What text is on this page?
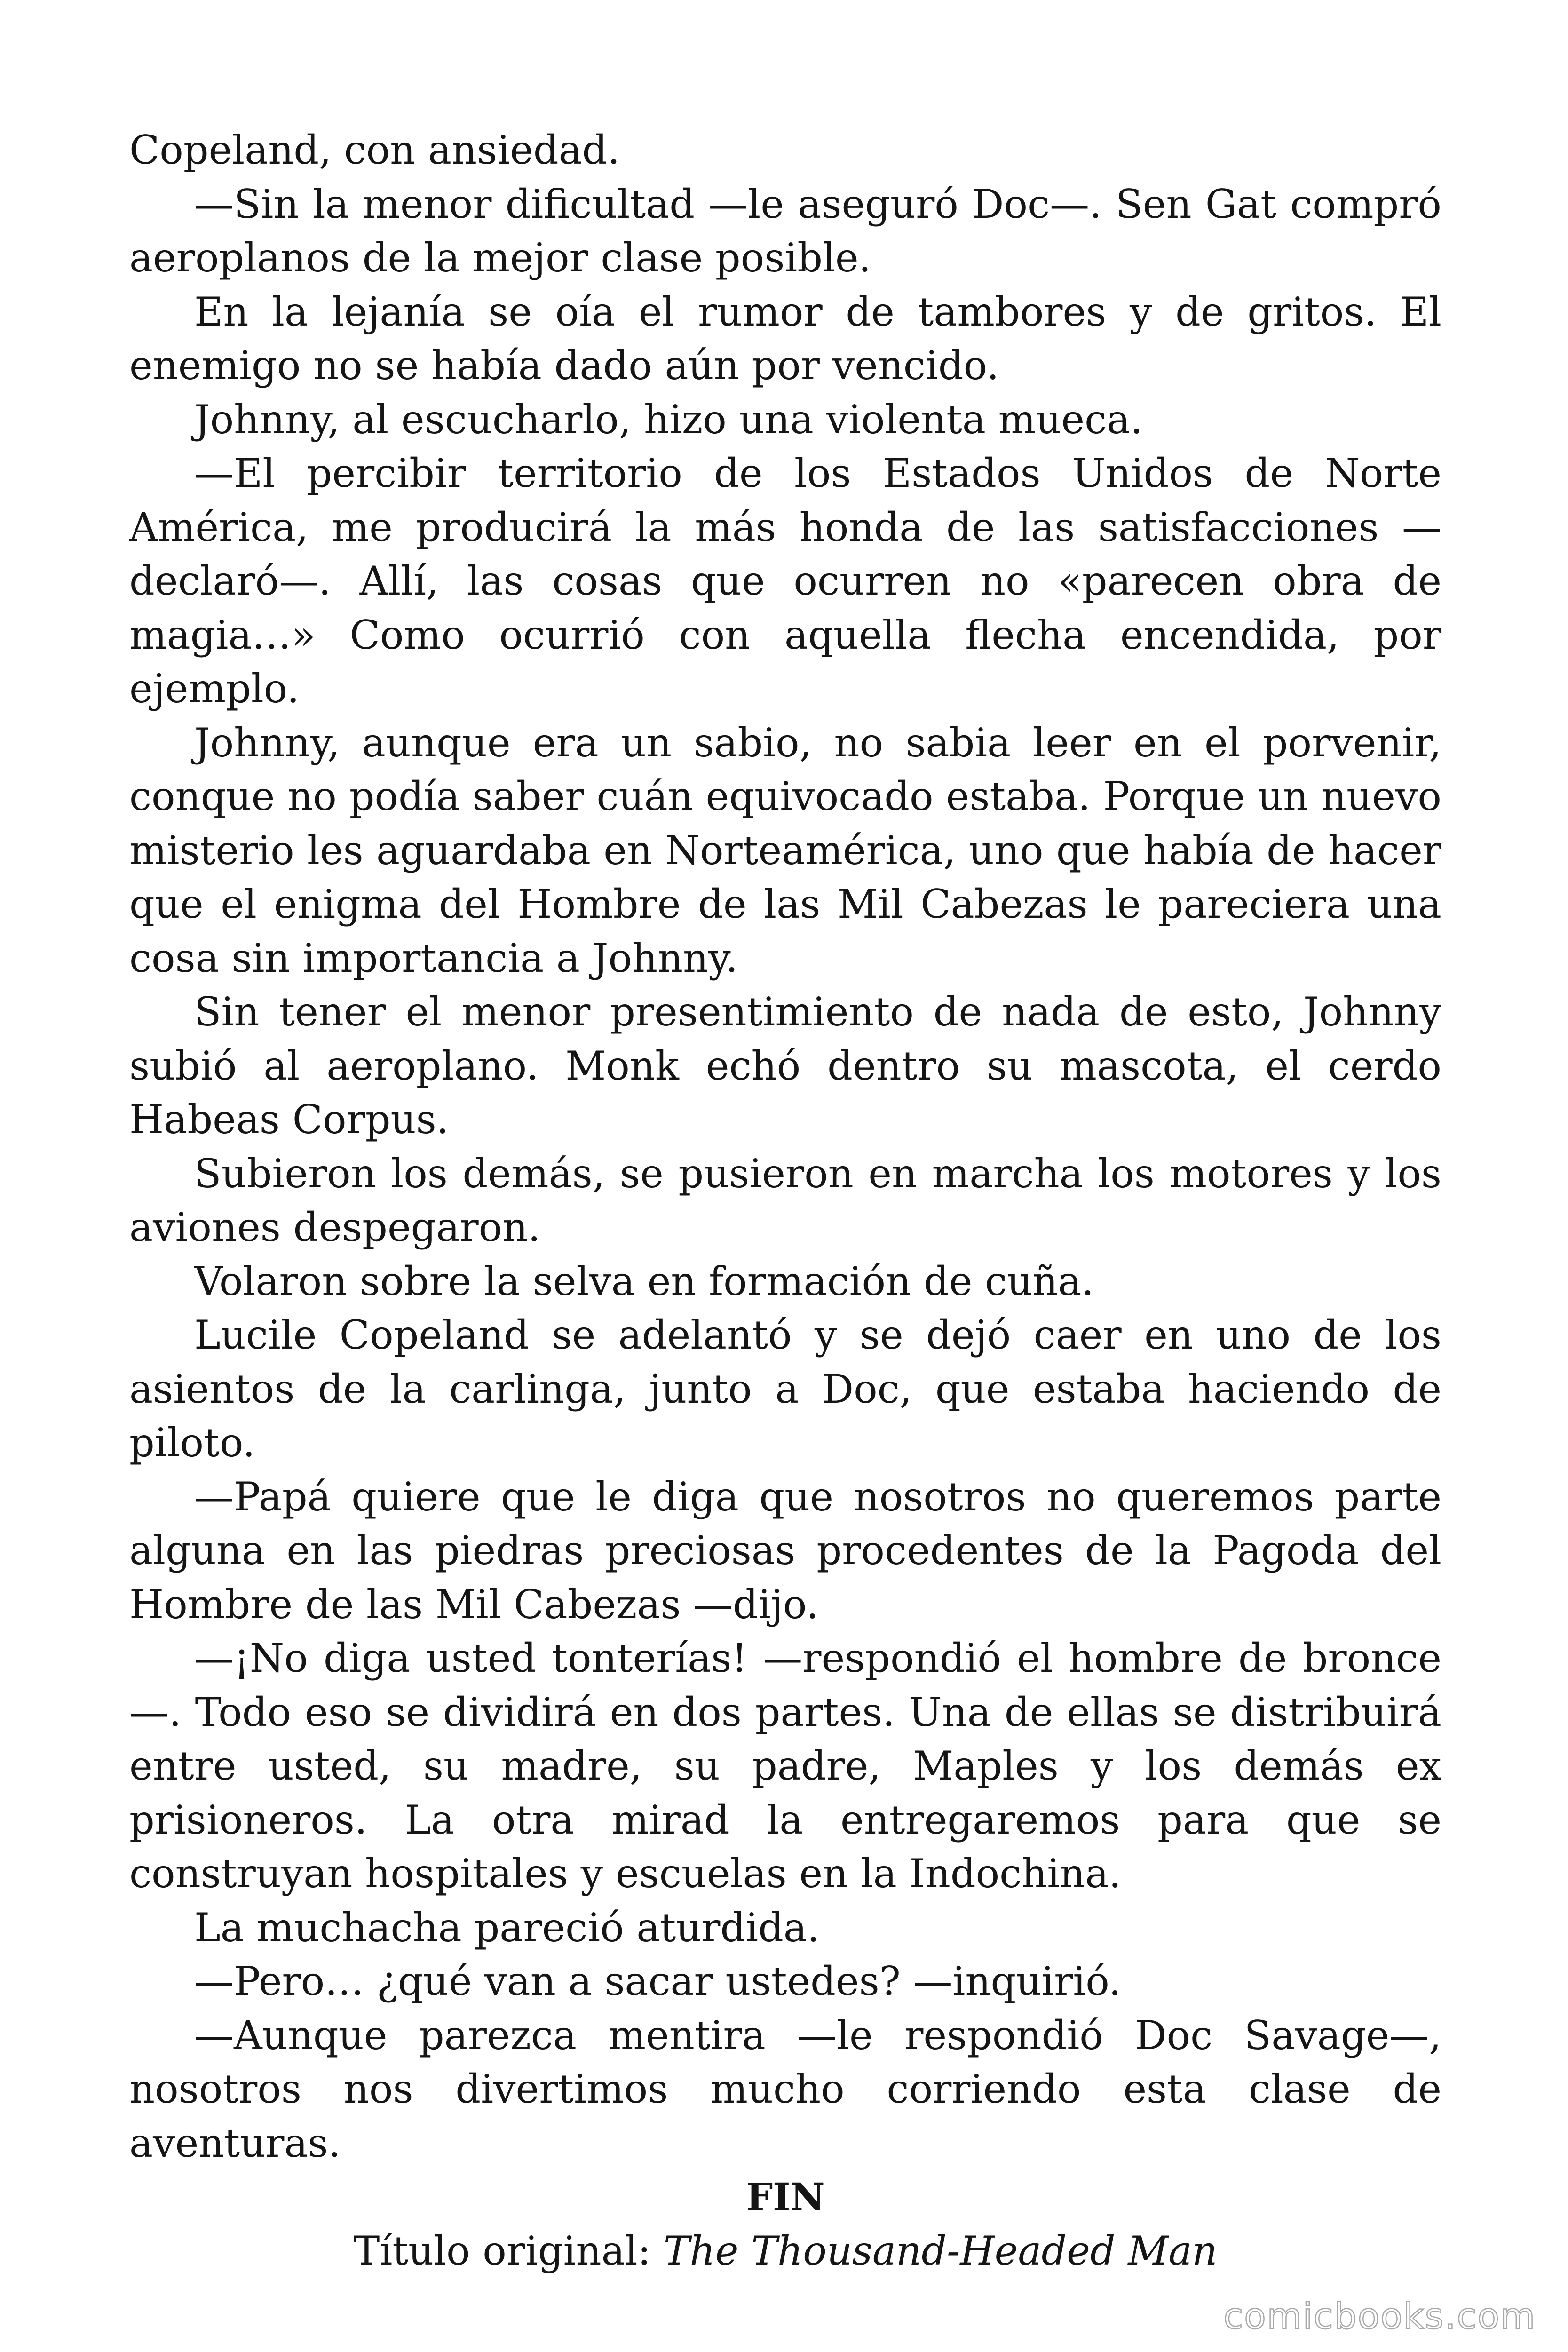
Copeland, con ansiedad.

—Sin la menor dificultad —le aseguró Doc—. Sen Gat compró aeroplanos de la mejor clase posible.

En la lejanía se oía el rumor de tambores y de gritos. El enemigo no se había dado aún por vencido.

Johnny, al escucharlo, hizo una violenta mueca.

—El percibir territorio de los Estados Unidos de Norte América, me producirá la más honda de las satisfacciones —declaró—. Allí, las cosas que ocurren no «parecen obra de magia…» Como ocurrió con aquella flecha encendida, por ejemplo.

Johnny, aunque era un sabio, no sabia leer en el porvenir, conque no podía saber cuán equivocado estaba. Porque un nuevo misterio les aguardaba en Norteamérica, uno que había de hacer que el enigma del Hombre de las Mil Cabezas le pareciera una cosa sin importancia a Johnny.

Sin tener el menor presentimiento de nada de esto, Johnny subió al aeroplano. Monk echó dentro su mascota, el cerdo Habeas Corpus.

Subieron los demás, se pusieron en marcha los motores y los aviones despegaron.

Volaron sobre la selva en formación de cuña.

Lucile Copeland se adelantó y se dejó caer en uno de los asientos de la carlinga, junto a Doc, que estaba haciendo de piloto.

—Papá quiere que le diga que nosotros no queremos parte alguna en las piedras preciosas procedentes de la Pagoda del Hombre de las Mil Cabezas —dijo.

—¡No diga usted tonterías! —respondió el hombre de bronce—. Todo eso se dividirá en dos partes. Una de ellas se distribuirá entre usted, su madre, su padre, Maples y los demás ex prisioneros. La otra mirad la entregaremos para que se construyan hospitales y escuelas en la Indochina.

La muchacha pareció aturdida.

—Pero… ¿qué van a sacar ustedes? —inquirió.

—Aunque parezca mentira —le respondió Doc Savage—, nosotros nos divertimos mucho corriendo esta clase de aventuras.

FIN

Título original: The Thousand-Headed Man

comicbooks.com
